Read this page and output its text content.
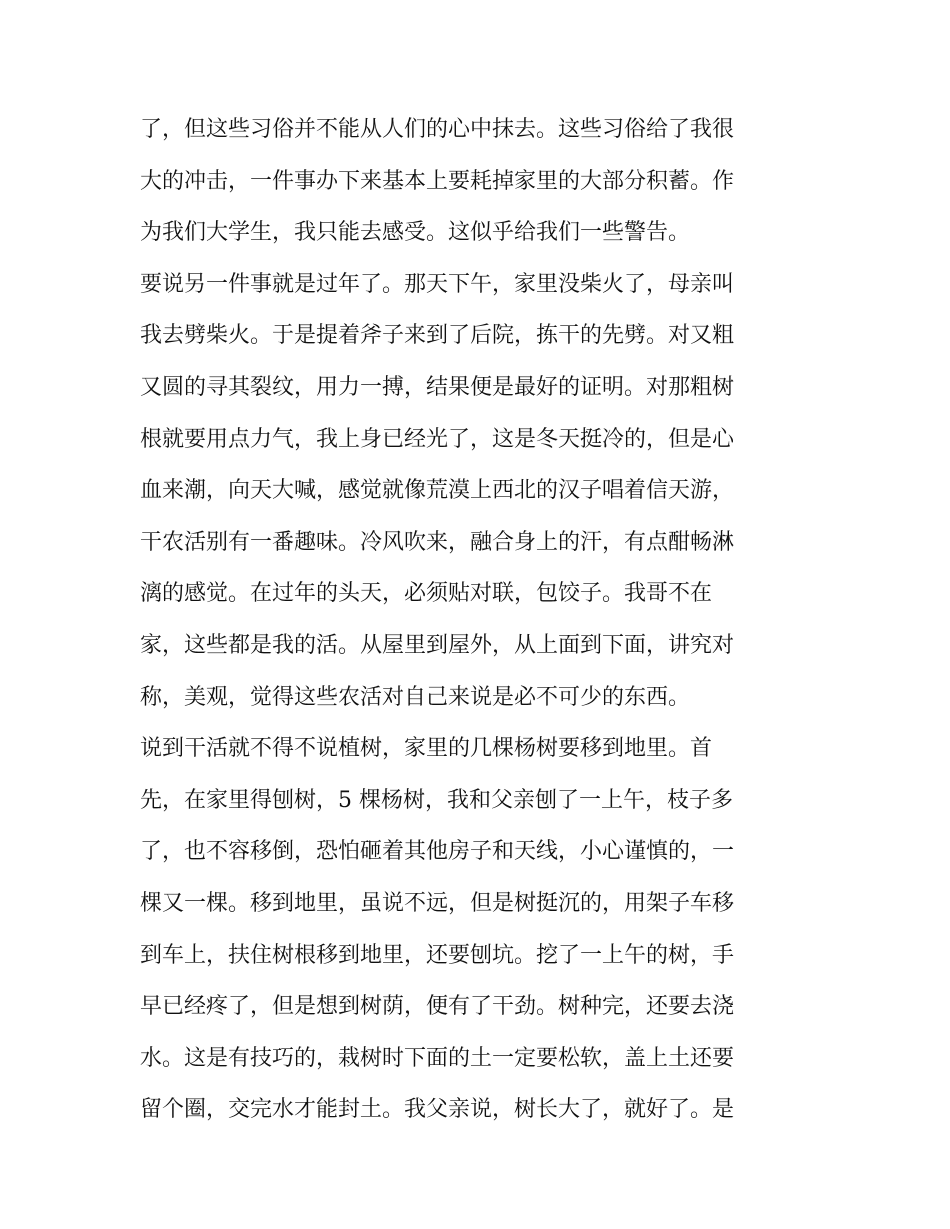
了，但这些习俗并不能从人们的心中抹去。这些习俗给了我很
大的冲击，一件事办下来基本上要耗掉家里的大部分积蓄。作
为我们大学生，我只能去感受。这似乎给我们一些警告。
要说另一件事就是过年了。那天下午，家里没柴火了，母亲叫
我去劈柴火。于是提着斧子来到了后院，拣干的先劈。对又粗
又圆的寻其裂纹，用力一搏，结果便是最好的证明。对那粗树
根就要用点力气，我上身已经光了，这是冬天挺冷的，但是心
血来潮，向天大喊，感觉就像荒漠上西北的汉子唱着信天游，
干农活别有一番趣味。冷风吹来，融合身上的汗，有点酣畅淋
漓的感觉。在过年的头天，必须贴对联，包饺子。我哥不在
家，这些都是我的活。从屋里到屋外，从上面到下面，讲究对
称，美观，觉得这些农活对自己来说是必不可少的东西。
说到干活就不得不说植树，家里的几棵杨树要移到地里。首
先，在家里得刨树，5 棵杨树，我和父亲刨了一上午，枝子多
了，也不容移倒，恐怕砸着其他房子和天线，小心谨慎的，一
棵又一棵。移到地里，虽说不远，但是树挺沉的，用架子车移
到车上，扶住树根移到地里，还要刨坑。挖了一上午的树，手
早已经疼了，但是想到树荫，便有了干劲。树种完，还要去浇
水。这是有技巧的，栽树时下面的土一定要松软，盖上土还要
留个圈，交完水才能封土。我父亲说，树长大了，就好了。是
